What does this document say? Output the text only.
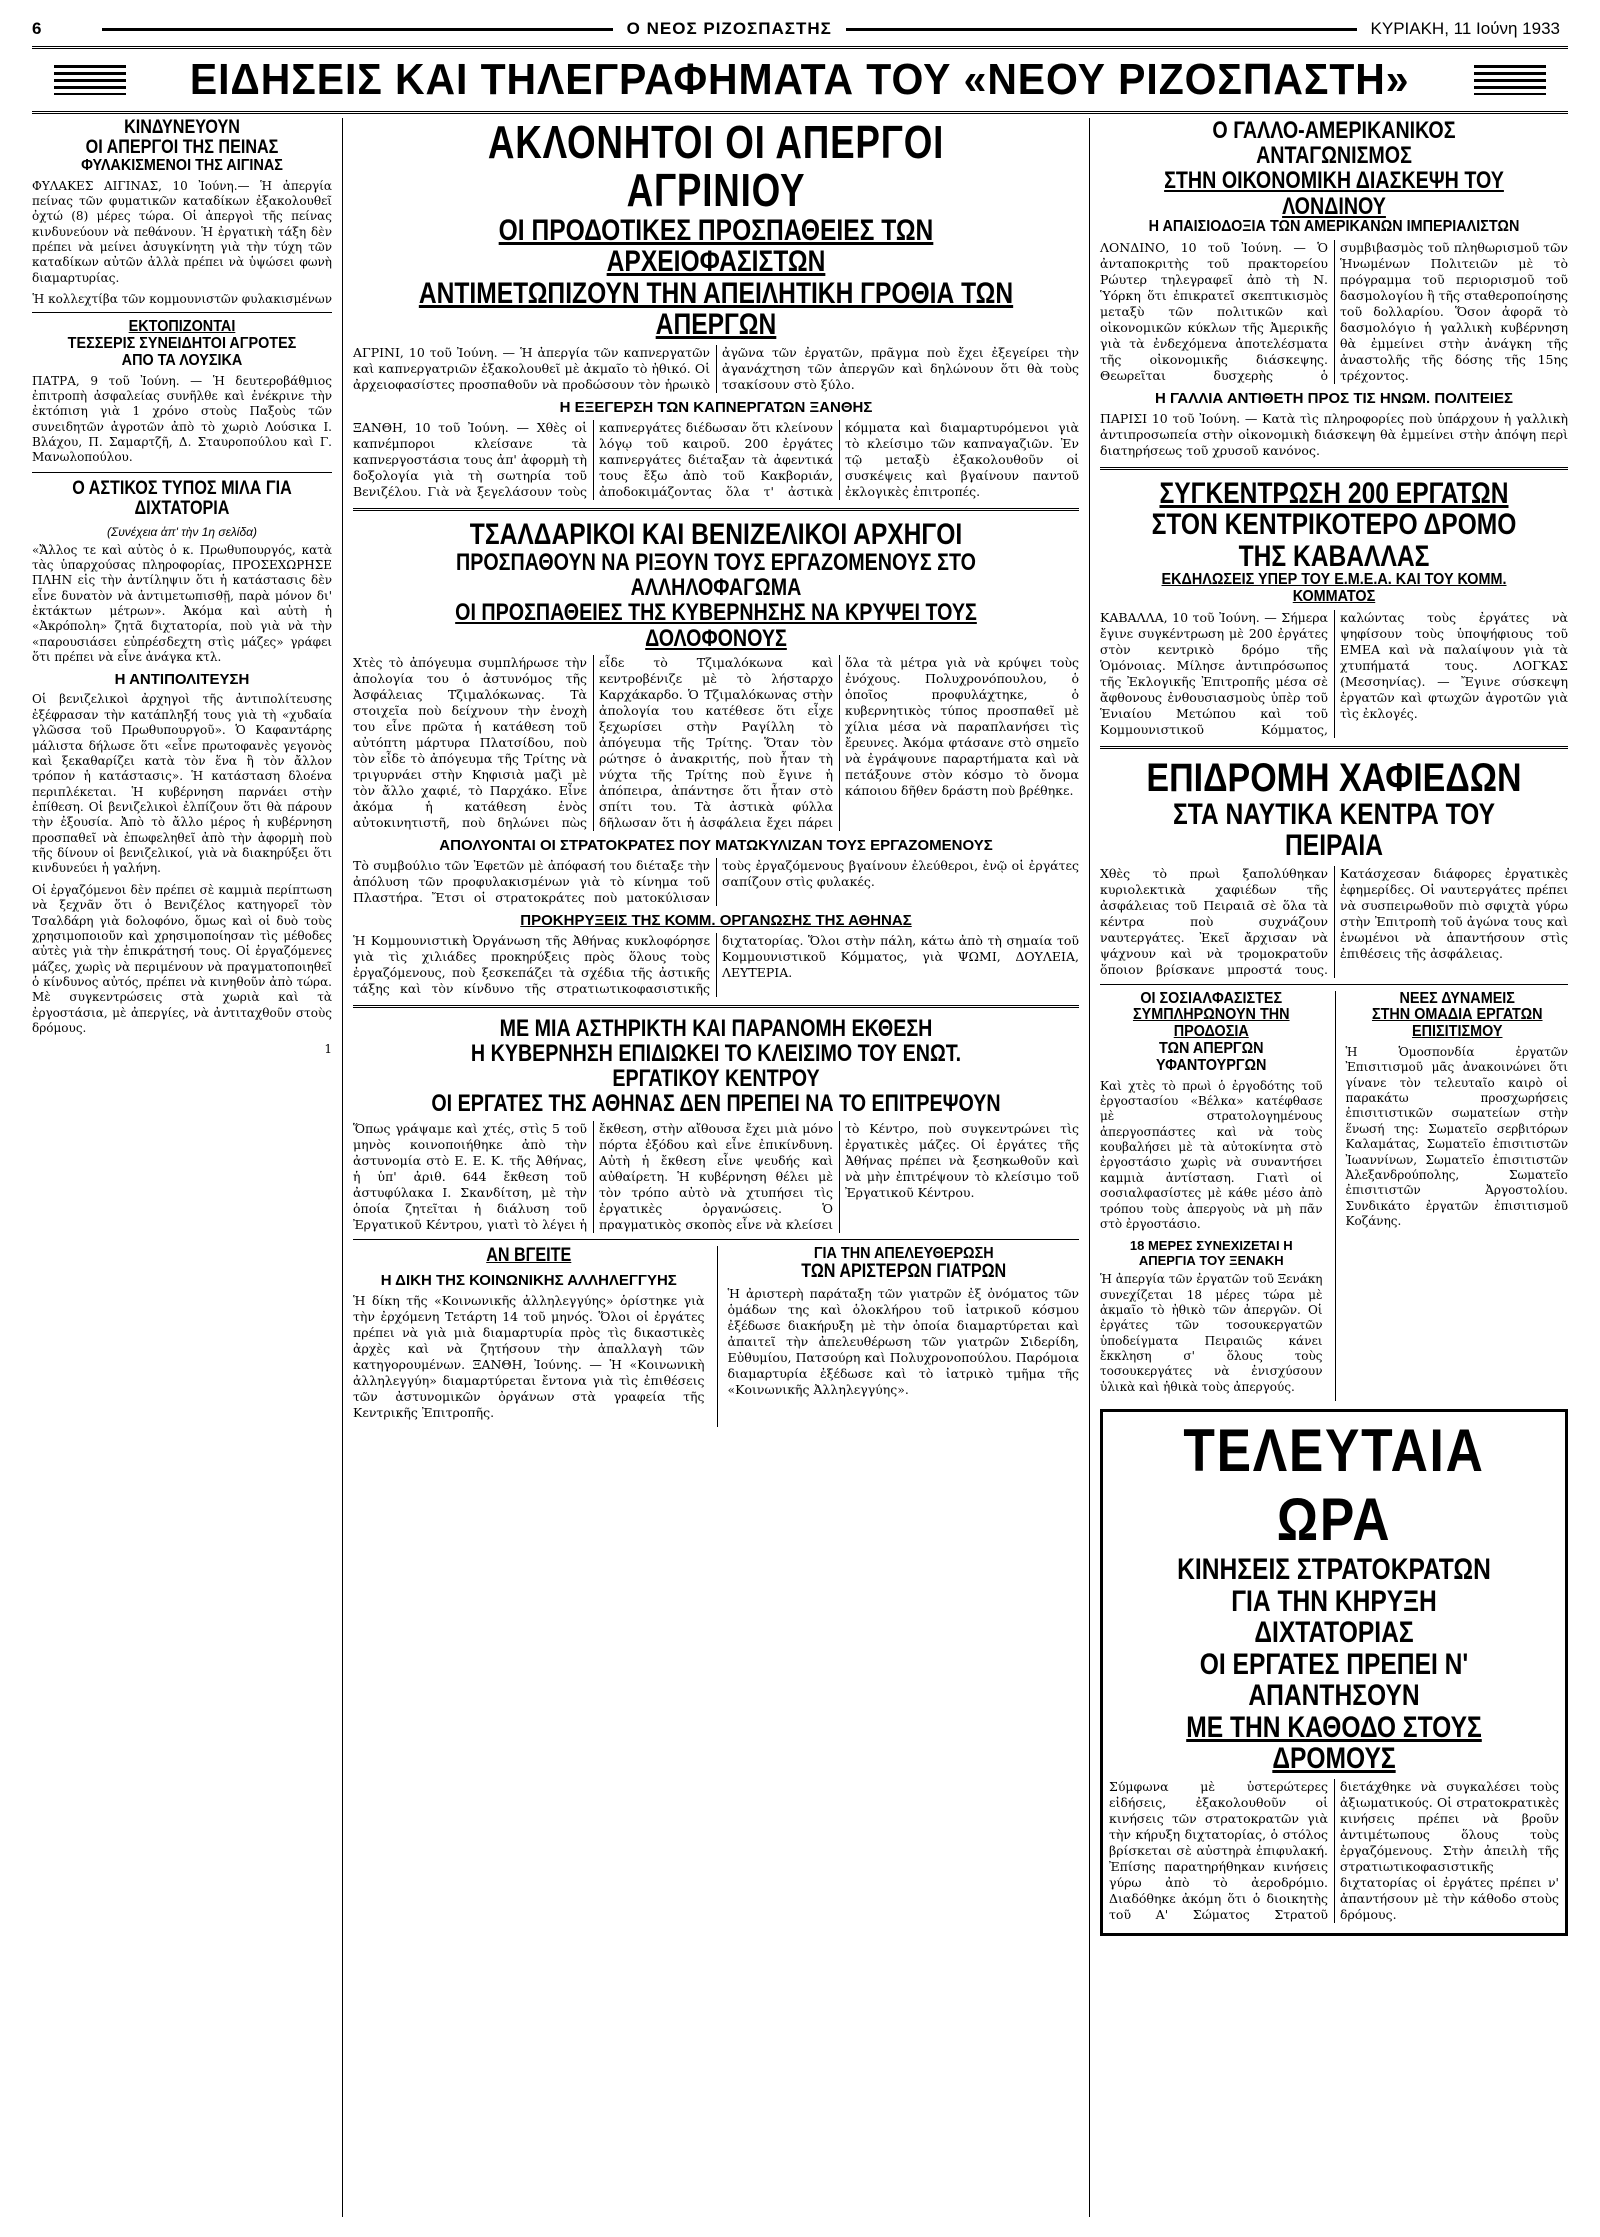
6	Ο ΝΕΟΣ ΡΙΖΟΣΠΑΣΤΗΣ	ΚΥΡΙΑΚΗ, 11 Ιούνη 1933
ΕΙΔΗΣΕΙΣ ΚΑΙ ΤΗΛΕΓΡΑΦΗΜΑΤΑ ΤΟΥ «ΝΕΟΥ ΡΙΖΟΣΠΑΣΤΗ»
ΚΙΝΔΥΝΕΥΟΥΝ
ΟΙ ΑΠΕΡΓΟΙ ΤΗΣ ΠΕΙΝΑΣ
ΦΥΛΑΚΙΣΜΕΝΟΙ ΤΗΣ ΑΙΓΙΝΑΣ
ΦΥΛΑΚΕΣ ΑΙΓΙΝΑΣ, 10 Ἰούνη.— Ἡ ἀπεργία πείνας τῶν φυματικῶν καταδίκων ἐξακολουθεῖ ὀχτώ (8) μέρες τώρα. Οἱ ἀπεργοὶ τῆς πείνας κινδυνεύουν νὰ πεθάνουν. Ἡ ἐργατικὴ τάξη δὲν πρέπει νὰ μείνει ἀσυγκίνητη γιὰ τὴν τύχη τῶν καταδίκων αὐτῶν ἀλλὰ πρέπει νὰ ὑψώσει φωνὴ διαμαρτυρίας.
Ἡ κολλεχτίβα τῶν κομμουνιστῶν φυλακισμένων
ΕΚΤΟΠΙΖΟΝΤΑΙ
ΤΕΣΣΕΡΙΣ ΣΥΝΕΙΔΗΤΟΙ ΑΓΡΟΤΕΣ
ΑΠΟ ΤΑ ΛΟΥΣΙΚΑ
ΠΑΤΡΑ, 9 τοῦ Ἰούνη. — Ἡ δευτεροβάθμιος ἐπιτροπὴ ἀσφαλείας συνῆλθε καὶ ἐνέκρινε τὴν ἐκτόπιση γιὰ 1 χρόνο στοὺς Παξοὺς τῶν συνειδητῶν ἀγροτῶν ἀπὸ τὸ χωριὸ Λούσικα Ι. Βλάχου, Π. Σαμαρτζῆ, Δ. Σταυροπούλου καὶ Γ. Μανωλοπούλου.
Ο ΑΣΤΙΚΟΣ ΤΥΠΟΣ ΜΙΛΑ ΓΙΑ ΔΙΧΤΑΤΟΡΙΑ
(Συνέχεια ἀπ' τὴν 1η σελίδα)
«Ἄλλος τε καὶ αὐτὸς ὁ κ. Πρωθυπουργός, κατὰ τὰς ὑπαρχούσας πληροφορίας, ΠΡΟΣΕΧΩΡΗΣΕ ΠΛΗΝ εἰς τὴν ἀντίληψιν ὅτι ἡ κατάστασις δὲν εἶνε δυνατὸν νὰ ἀντιμετωπισθῇ, παρὰ μόνον δι' ἐκτάκτων μέτρων». Ἀκόμα καὶ αὐτὴ ἡ «Ἀκρόπολη» ζητᾶ διχτατορία, ποὺ γιὰ νὰ τὴν «παρουσιάσει εὐπρέσδεχτη στὶς μάζες» γράφει ὅτι πρέπει νὰ εἶνε ἀνάγκα κτλ.
Η ΑΝΤΙΠΟΛΙΤΕΥΣΗ
Οἱ βενιζελικοὶ ἀρχηγοὶ τῆς ἀντιπολίτευσης ἐξέφρασαν τὴν κατάπληξή τους γιὰ τὴ «χυδαία γλῶσσα τοῦ Πρωθυπουργοῦ». Ὁ Καφαντάρης μάλιστα δήλωσε ὅτι «εἶνε πρωτοφανὲς γεγονὸς καὶ ξεκαθαρίζει κατὰ τὸν ἕνα ἢ τὸν ἄλλον τρόπον ἡ κατάστασις». Ἡ κατάσταση δλοένα περιπλέκεται. Ἡ κυβέρνηση παρνάει στὴν ἐπίθεση. Οἱ βενιζελικοὶ ἐλπίζουν ὅτι θὰ πάρουν τὴν ἐξουσία. Ἀπὸ τὸ ἄλλο μέρος ἡ κυβέρνηση προσπαθεῖ νὰ ἐπωφεληθεῖ ἀπὸ τὴν ἀφορμὴ ποὺ τῆς δίνουν οἱ βενιζελικοί, γιὰ νὰ διακηρύξει ὅτι κινδυνεύει ἡ γαλήνη.
Οἱ ἐργαζόμενοι δὲν πρέπει σὲ καμμιὰ περίπτωση νὰ ξεχνᾶν ὅτι ὁ Βενιζέλος κατηγορεῖ τὸν Τσαλδάρη γιὰ δολοφόνο, ὅμως καὶ οἱ δυὸ τοὺς χρησιμοποιοῦν καὶ χρησιμοποίησαν τὶς μέθοδες αὐτὲς γιὰ τὴν ἐπικράτησή τους. Οἱ ἐργαζόμενες μάζες, χωρὶς νὰ περιμένουν νὰ πραγματοποιηθεῖ ὁ κίνδυνος αὐτός, πρέπει νὰ κινηθοῦν ἀπὸ τώρα. Μὲ συγκεντρώσεις στὰ χωριὰ καὶ τὰ ἐργοστάσια, μὲ ἀπεργίες, νὰ ἀντιταχθοῦν στοὺς δρόμους.
1
ΑΚΛΟΝΗΤΟΙ ΟΙ ΑΠΕΡΓΟΙ ΑΓΡΙΝΙΟΥ
ΟΙ ΠΡΟΔΟΤΙΚΕΣ ΠΡΟΣΠΑΘΕΙΕΣ ΤΩΝ ΑΡΧΕΙΟΦΑΣΙΣΤΩΝ
ΑΝΤΙΜΕΤΩΠΙΖΟΥΝ ΤΗΝ ΑΠΕΙΛΗΤΙΚΗ ΓΡΟΘΙΑ ΤΩΝ ΑΠΕΡΓΩΝ
ΑΓΡΙΝΙ, 10 τοῦ Ἰούνη. — Ἡ ἀπεργία τῶν καπνεργατῶν καὶ καπνεργατριῶν ἐξακολουθεῖ μὲ ἀκμαῖο τὸ ἠθικό. Οἱ ἀρχειοφασίστες προσπαθοῦν νὰ προδώσουν τὸν ἡρωικὸ ἀγῶνα τῶν ἐργατῶν, πρᾶγμα ποὺ ἔχει ἐξεγείρει τὴν ἀγανάχτηση τῶν ἀπεργῶν καὶ δηλώνουν ὅτι θὰ τοὺς τσακίσουν στὸ ξύλο.
Η ΕΞΕΓΕΡΣΗ ΤΩΝ ΚΑΠΝΕΡΓΑΤΩΝ ΞΑΝΘΗΣ
ΞΑΝΘΗ, 10 τοῦ Ἰούνη. — Χθὲς οἱ καπνέμποροι κλείσανε τὰ καπνεργοστάσια τους ἀπ' ἀφορμὴ τὴ δοξολογία γιὰ τὴ σωτηρία τοῦ Βενιζέλου. Γιὰ νὰ ξεγελάσουν τοὺς καπνεργάτες διέδωσαν ὅτι κλείνουν λόγῳ τοῦ καιροῦ. 200 ἐργάτες καπνεργάτες διέταξαν τὰ ἀφεντικά τους ἔξω ἀπὸ τοῦ Κακβοριάν, ἀποδοκιμάζοντας ὅλα τ' ἀστικὰ κόμματα καὶ διαμαρτυρόμενοι γιὰ τὸ κλείσιμο τῶν καπναγαζιῶν. Ἐν τῷ μεταξὺ ἐξακολουθοῦν οἱ συσκέψεις καὶ βγαίνουν παντοῦ ἐκλογικὲς ἐπιτροπές.
ΤΣΑΛΔΑΡΙΚΟΙ ΚΑΙ ΒΕΝΙΖΕΛΙΚΟΙ ΑΡΧΗΓΟΙ
ΠΡΟΣΠΑΘΟΥΝ ΝΑ ΡΙΞΟΥΝ ΤΟΥΣ ΕΡΓΑΖΟΜΕΝΟΥΣ ΣΤΟ ΑΛΛΗΛΟΦΑΓΩΜΑ
ΟΙ ΠΡΟΣΠΑΘΕΙΕΣ ΤΗΣ ΚΥΒΕΡΝΗΣΗΣ ΝΑ ΚΡΥΨΕΙ ΤΟΥΣ ΔΟΛΟΦΟΝΟΥΣ
Χτὲς τὸ ἀπόγευμα συμπλήρωσε τὴν ἀπολογία του ὁ ἀστυνόμος τῆς Ἀσφάλειας Τζιμαλόκωνας. Τὰ στοιχεῖα ποὺ δείχνουν τὴν ἐνοχὴ του εἶνε πρῶτα ἡ κατάθεση τοῦ αὐτόπτη μάρτυρα Πλατσίδου, ποὺ τὸν εἶδε τὸ ἀπόγευμα τῆς Τρίτης νὰ τριγυρνάει στὴν Κηφισιὰ μαζὶ μὲ τὸν ἄλλο χαφιέ, τὸ Παρχάκο. Εἶνε ἀκόμα ἡ κατάθεση ἑνὸς αὐτοκινητιστῆ, ποὺ δηλώνει πὼς εἶδε τὸ Τζιμαλόκωνα καὶ κεντροβένιζε μὲ τὸ λήσταρχο Καρχάκαρδο. Ὁ Τζιμαλόκωνας στὴν ἀπολογία του κατέθεσε ὅτι εἶχε ξεχωρίσει στὴν Ραγίλλη τὸ ἀπόγευμα τῆς Τρίτης. Ὅταν τὸν ρώτησε ὁ ἀνακριτής, ποὺ ἦταν τὴ νύχτα τῆς Τρίτης ποὺ ἔγινε ἡ ἀπόπειρα, ἀπάντησε ὅτι ἦταν στὸ σπίτι του. Τὰ ἀστικὰ φύλλα δῆλωσαν ὅτι ἡ ἀσφάλεια ἔχει πάρει ὅλα τὰ μέτρα γιὰ νὰ κρύψει τοὺς ἐνόχους. Πολυχρονόπουλου, ὁ ὁποῖος προφυλάχτηκε, ὁ κυβερνητικὸς τύπος προσπαθεῖ μὲ χίλια μέσα νὰ παραπλανήσει τὶς ἔρευνες. Ἀκόμα φτάσανε στὸ σημεῖο νὰ ἐγράψουνε παραρτήματα καὶ νὰ πετάξουνε στὸν κόσμο τὸ ὄνομα κάποιου δῆθεν δράστη ποὺ βρέθηκε.
ΑΠΟΛΥΟΝΤΑΙ ΟΙ ΣΤΡΑΤΟΚΡΑΤΕΣ ΠΟΥ ΜΑΤΩΚΥΛΙΖΑΝ ΤΟΥΣ ΕΡΓΑΖΟΜΕΝΟΥΣ
Τὸ συμβούλιο τῶν Ἐφετῶν μὲ ἀπόφασή του διέταξε τὴν ἀπόλυση τῶν προφυλακισμένων γιὰ τὸ κίνημα τοῦ Πλαστήρα. Ἔτσι οἱ στρατοκράτες ποὺ ματοκύλισαν τοὺς ἐργαζόμενους βγαίνουν ἐλεύθεροι, ἐνῷ οἱ ἐργάτες σαπίζουν στὶς φυλακές.
ΠΡΟΚΗΡΥΞΕΙΣ ΤΗΣ ΚΟΜΜ. ΟΡΓΑΝΩΣΗΣ ΤΗΣ ΑΘΗΝΑΣ
Ἡ Κομμουνιστικὴ Ὀργάνωση τῆς Ἀθήνας κυκλοφόρησε γιὰ τὶς χιλιάδες προκηρύξεις πρὸς ὅλους τοὺς ἐργαζόμενους, ποὺ ξεσκεπάζει τὰ σχέδια τῆς ἀστικῆς τάξης καὶ τὸν κίνδυνο τῆς στρατιωτικοφασιστικῆς διχτατορίας. Ὅλοι στὴν πάλη, κάτω ἀπὸ τὴ σημαία τοῦ Κομμουνιστικοῦ Κόμματος, γιὰ ΨΩΜΙ, ΔΟΥΛΕΙΑ, ΛΕΥΤΕΡΙΑ.
ΜΕ ΜΙΑ ΑΣΤΗΡΙΚΤΗ ΚΑΙ ΠΑΡΑΝΟΜΗ ΕΚΘΕΣΗ
Η ΚΥΒΕΡΝΗΣΗ ΕΠΙΔΙΩΚΕΙ ΤΟ ΚΛΕΙΣΙΜΟ ΤΟΥ ΕΝΩΤ. ΕΡΓΑΤΙΚΟΥ ΚΕΝΤΡΟΥ
ΟΙ ΕΡΓΑΤΕΣ ΤΗΣ ΑΘΗΝΑΣ ΔΕΝ ΠΡΕΠΕΙ ΝΑ ΤΟ ΕΠΙΤΡΕΨΟΥΝ
Ὅπως γράψαμε καὶ χτές, στὶς 5 τοῦ μηνὸς κοινοποιήθηκε ἀπὸ τὴν ἀστυνομία στὸ Ε. Ε. Κ. τῆς Ἀθήνας, ἡ ὑπ' ἀριθ. 644 ἔκθεση τοῦ ἀστυφύλακα Ι. Σκανδίτση, μὲ τὴν ὁποία ζητεῖται ἡ διάλυση τοῦ Ἐργατικοῦ Κέντρου, γιατὶ τὸ λέγει ἡ ἔκθεση, στὴν αἴθουσα ἔχει μιὰ μόνο πόρτα ἐξόδου καὶ εἶνε ἐπικίνδυνη. Αὐτὴ ἡ ἔκθεση εἶνε ψευδής καὶ αὐθαίρετη. Ἡ κυβέρνηση θέλει μὲ τὸν τρόπο αὐτὸ νὰ χτυπήσει τὶς ἐργατικὲς ὀργανώσεις. Ὁ πραγματικὸς σκοπὸς εἶνε νὰ κλείσει τὸ Κέντρο, ποὺ συγκεντρώνει τὶς ἐργατικὲς μάζες. Οἱ ἐργάτες τῆς Ἀθήνας πρέπει νὰ ξεσηκωθοῦν καὶ νὰ μὴν ἐπιτρέψουν τὸ κλείσιμο τοῦ Ἐργατικοῦ Κέντρου.
ΑΝ ΒΓΕΙΤΕ
Η ΔΙΚΗ ΤΗΣ ΚΟΙΝΩΝΙΚΗΣ ΑΛΛΗΛΕΓΓΥΗΣ
Ἡ δίκη τῆς «Κοινωνικῆς ἀλληλεγγύης» ὁρίστηκε γιὰ τὴν ἐρχόμενη Τετάρτη 14 τοῦ μηνός. Ὅλοι οἱ ἐργάτες πρέπει νὰ γιὰ μιὰ διαμαρτυρία πρὸς τὶς δικαστικὲς ἀρχὲς καὶ νὰ ζητήσουν τὴν ἀπαλλαγὴ τῶν κατηγορουμένων. ΞΑΝΘΗ, Ἰούνης. — Ἡ «Κοινωνικὴ ἀλληλεγγύη» διαμαρτύρεται ἔντονα γιὰ τὶς ἐπιθέσεις τῶν ἀστυνομικῶν ὀργάνων στὰ γραφεία τῆς Κεντρικῆς Ἐπιτροπῆς.
ΓΙΑ ΤΗΝ ΑΠΕΛΕΥΘΕΡΩΣΗ
ΤΩΝ ΑΡΙΣΤΕΡΩΝ ΓΙΑΤΡΩΝ
Ἡ ἀριστερὴ παράταξη τῶν γιατρῶν ἐξ ὀνόματος τῶν ὁμάδων της καὶ ὁλοκλήρου τοῦ ἰατρικοῦ κόσμου ἐξέδωσε διακήρυξη μὲ τὴν ὁποία διαμαρτύρεται καὶ ἀπαιτεῖ τὴν ἀπελευθέρωση τῶν γιατρῶν Σιδερίδη, Εὐθυμίου, Πατσούρη καὶ Πολυχρονοπούλου. Παρόμοια διαμαρτυρία ἐξέδωσε καὶ τὸ ἰατρικὸ τμῆμα τῆς «Κοινωνικῆς Ἀλληλεγγύης».
Ο ΓΑΛΛΟ-ΑΜΕΡΙΚΑΝΙΚΟΣ ΑΝΤΑΓΩΝΙΣΜΟΣ
ΣΤΗΝ ΟΙΚΟΝΟΜΙΚΗ ΔΙΑΣΚΕΨΗ ΤΟΥ ΛΟΝΔΙΝΟΥ
Η ΑΠΑΙΣΙΟΔΟΞΙΑ ΤΩΝ ΑΜΕΡΙΚΑΝΩΝ ΙΜΠΕΡΙΑΛΙΣΤΩΝ
ΛΟΝΔΙΝΟ, 10 τοῦ Ἰούνη. — Ὁ ἀνταποκριτὴς τοῦ πρακτορείου Ρώυτερ τηλεγραφεῖ ἀπὸ τὴ Ν. Ὑόρκη ὅτι ἐπικρατεῖ σκεπτικισμὸς μεταξὺ τῶν πολιτικῶν καὶ οἰκονομικῶν κύκλων τῆς Ἀμερικῆς γιὰ τὰ ἐνδεχόμενα ἀποτελέσματα τῆς οἰκονομικῆς διάσκεψης. Θεωρεῖται δυσχερὴς ὁ συμβιβασμὸς τοῦ πληθωρισμοῦ τῶν Ἡνωμένων Πολιτειῶν μὲ τὸ πρόγραμμα τοῦ περιορισμοῦ τοῦ δασμολογίου ἢ τῆς σταθεροποίησης τοῦ δολλαρίου. Ὅσον ἀφορᾶ τὸ δασμολόγιο ἡ γαλλικὴ κυβέρνηση θὰ ἐμμείνει στὴν ἀνάγκη τῆς ἀναστολῆς τῆς δόσης τῆς 15ης τρέχοντος.
Η ΓΑΛΛΙΑ ΑΝΤΙΘΕΤΗ ΠΡΟΣ ΤΙΣ ΗΝΩΜ. ΠΟΛΙΤΕΙΕΣ
ΠΑΡΙΣΙ 10 τοῦ Ἰούνη. — Κατὰ τὶς πληροφορίες ποὺ ὑπάρχουν ἡ γαλλικὴ ἀντιπροσωπεία στὴν οἰκονομικὴ διάσκεψη θὰ ἐμμείνει στὴν ἀπόψη περὶ διατηρήσεως τοῦ χρυσοῦ κανόνος.
ΣΥΓΚΕΝΤΡΩΣΗ 200 ΕΡΓΑΤΩΝ
ΣΤΟΝ ΚΕΝΤΡΙΚΟΤΕΡΟ ΔΡΟΜΟ ΤΗΣ ΚΑΒΑΛΛΑΣ
ΕΚΔΗΛΩΣΕΙΣ ΥΠΕΡ ΤΟΥ Ε.Μ.Ε.Α. ΚΑΙ ΤΟΥ ΚΟΜΜ. ΚΟΜΜΑΤΟΣ
ΚΑΒΑΛΛΑ, 10 τοῦ Ἰούνη. — Σήμερα ἔγινε συγκέντρωση μὲ 200 ἐργάτες στὸν κεντρικὸ δρόμο τῆς Ὁμόνοιας. Μίλησε ἀντιπρόσωπος τῆς Ἐκλογικῆς Ἐπιτροπῆς μέσα σὲ ἄφθονους ἐνθουσιασμοὺς ὑπὲρ τοῦ Ἑνιαίου Μετώπου καὶ τοῦ Κομμουνιστικοῦ Κόμματος, καλώντας τοὺς ἐργάτες νὰ ψηφίσουν τοὺς ὑποψήφιους τοῦ ΕΜΕΑ καὶ νὰ παλαίψουν γιὰ τὰ χτυπήματά τους. ΛΟΓΚΑΣ (Μεσσηνίας). — Ἔγινε σύσκεψη ἐργατῶν καὶ φτωχῶν ἀγροτῶν γιὰ τὶς ἐκλογές.
ΕΠΙΔΡΟΜΗ ΧΑΦΙΕΔΩΝ
ΣΤΑ ΝΑΥΤΙΚΑ ΚΕΝΤΡΑ ΤΟΥ ΠΕΙΡΑΙΑ
Χθὲς τὸ πρωὶ ξαπολύθηκαν κυριολεκτικὰ χαφιέδων τῆς ἀσφάλειας τοῦ Πειραιᾶ σὲ ὅλα τὰ κέντρα ποὺ συχνάζουν ναυτεργάτες. Ἐκεῖ ἄρχισαν νὰ ψάχνουν καὶ νὰ τρομοκρατοῦν ὅποιον βρίσκανε μπροστά τους. Κατάσχεσαν διάφορες ἐργατικὲς ἐφημερίδες. Οἱ ναυτεργάτες πρέπει νὰ συσπειρωθοῦν πιὸ σφιχτὰ γύρω στὴν Ἐπιτροπὴ τοῦ ἀγώνα τους καὶ ἑνωμένοι νὰ ἀπαντήσουν στὶς ἐπιθέσεις τῆς ἀσφάλειας.
ΟΙ ΣΟΣΙΑΛΦΑΣΙΣΤΕΣ
ΣΥΜΠΛΗΡΩΝΟΥΝ ΤΗΝ ΠΡΟΔΟΣΙΑ
ΤΩΝ ΑΠΕΡΓΩΝ ΥΦΑΝΤΟΥΡΓΩΝ
Καὶ χτὲς τὸ πρωὶ ὁ ἐργοδότης τοῦ ἐργοστασίου «Βέλκα» κατέφθασε μὲ στρατολογημένους ἀπεργοσπάστες καὶ νὰ τοὺς κουβαλήσει μὲ τὰ αὐτοκίνητα στὸ ἐργοστάσιο χωρὶς νὰ συναντήσει καμμιὰ ἀντίσταση. Γιατὶ οἱ σοσιαλφασίστες μὲ κάθε μέσο ἀπὸ τρόπου τοὺς ἀπεργοὺς νὰ μὴ πᾶν στὸ ἐργοστάσιο.
18 ΜΕΡΕΣ ΣΥΝΕΧΙΖΕΤΑΙ Η ΑΠΕΡΓΙΑ ΤΟΥ ΞΕΝΑΚΗ
Ἡ ἀπεργία τῶν ἐργατῶν τοῦ Ξενάκη συνεχίζεται 18 μέρες τώρα μὲ ἀκμαῖο τὸ ἠθικὸ τῶν ἀπεργῶν. Οἱ ἐργάτες τῶν τοσουκεργατῶν ὑποδείγματα Πειραιῶς κάνει ἔκκληση σ' ὅλους τοὺς τοσουκεργάτες νὰ ἐνισχύσουν ὑλικὰ καὶ ἠθικὰ τοὺς ἀπεργούς.
ΝΕΕΣ ΔΥΝΑΜΕΙΣ
ΣΤΗΝ ΟΜΑΔΙΑ ΕΡΓΑΤΩΝ ΕΠΙΣΙΤΙΣΜΟΥ
Ἡ Ὁμοσπονδία ἐργατῶν Ἐπισιτισμοῦ μᾶς ἀνακοινώνει ὅτι γίνανε τὸν τελευταῖο καιρὸ οἱ παρακάτω προσχωρήσεις ἐπισιτιστικῶν σωματείων στὴν ἕνωσή της: Σωματεῖο σερβιτόρων Καλαμάτας, Σωματεῖο ἐπισιτιστῶν Ἰωαννίνων, Σωματεῖο ἐπισιτιστῶν Ἀλεξανδρούπολης, Σωματεῖο ἐπισιτιστῶν Ἀργοστολίου. Συνδικάτο ἐργατῶν ἐπισιτισμοῦ Κοζάνης.
ΤΕΛΕΥΤΑΙΑ ΩΡΑ
ΚΙΝΗΣΕΙΣ ΣΤΡΑΤΟΚΡΑΤΩΝ
ΓΙΑ ΤΗΝ ΚΗΡΥΞΗ ΔΙΧΤΑΤΟΡΙΑΣ
ΟΙ ΕΡΓΑΤΕΣ ΠΡΕΠΕΙ Ν' ΑΠΑΝΤΗΣΟΥΝ
ΜΕ ΤΗΝ ΚΑΘΟΔΟ ΣΤΟΥΣ ΔΡΟΜΟΥΣ
Σύμφωνα μὲ ὑστερώτερες εἰδήσεις, ἐξακολουθοῦν οἱ κινήσεις τῶν στρατοκρατῶν γιὰ τὴν κήρυξη διχτατορίας, ὁ στόλος βρίσκεται σὲ αὐστηρὰ ἐπιφυλακή. Ἐπίσης παρατηρήθηκαν κινήσεις γύρω ἀπὸ τὸ ἀεροδρόμιο. Διαδόθηκε ἀκόμη ὅτι ὁ διοικητὴς τοῦ Α' Σώματος Στρατοῦ διετάχθηκε νὰ συγκαλέσει τοὺς ἀξιωματικούς. Οἱ στρατοκρατικὲς κινήσεις πρέπει νὰ βροῦν ἀντιμέτωπους ὅλους τοὺς ἐργαζόμενους. Στὴν ἀπειλὴ τῆς στρατιωτικοφασιστικῆς διχτατορίας οἱ ἐργάτες πρέπει ν' ἀπαντήσουν μὲ τὴν κάθοδο στοὺς δρόμους.
